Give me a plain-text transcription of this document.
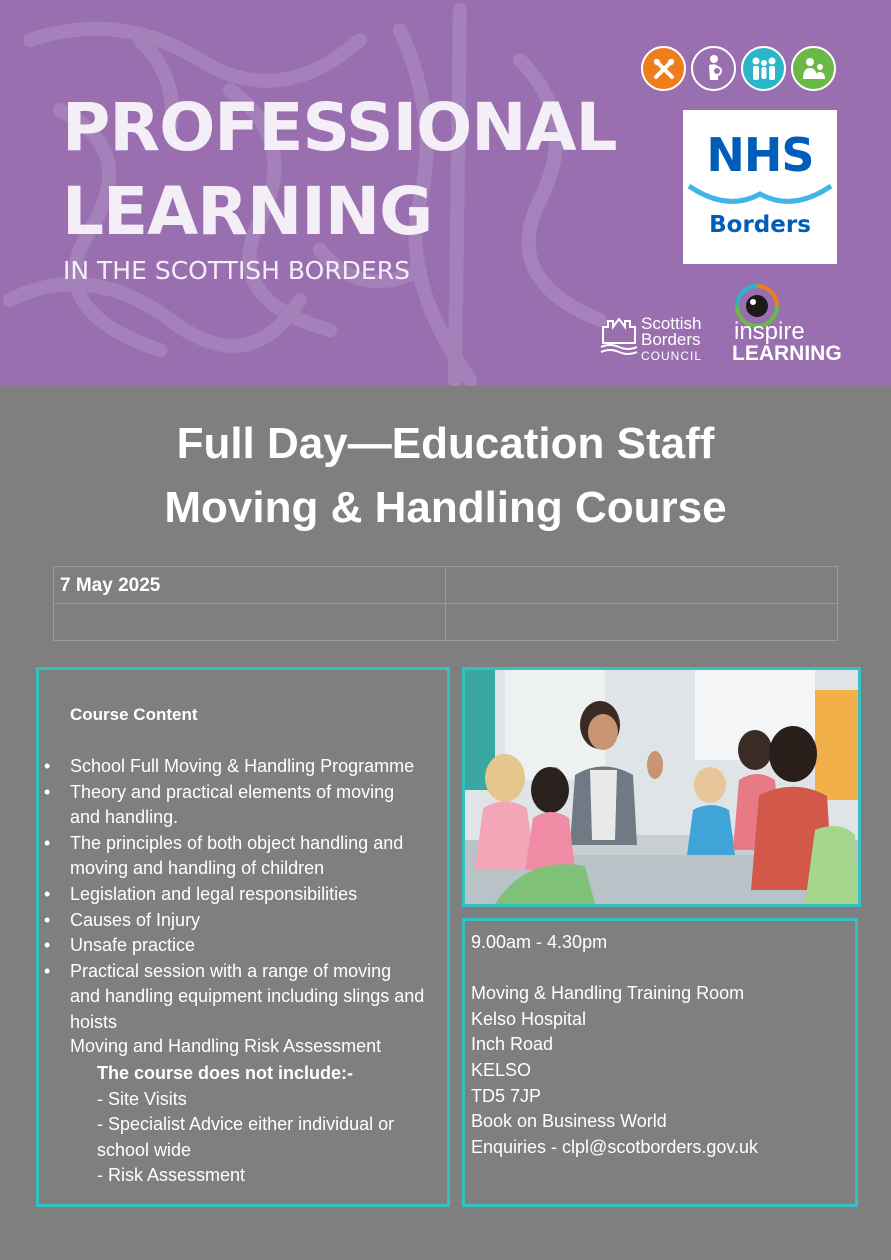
PROFESSIONAL
LEARNING
IN THE SCOTTISH BORDERS
NHS
Borders
Scottish
Borders
COUNCIL
inspire
LEARNING
Full Day—Education Staff
Moving & Handling Course
7 May 2025
Course Content
• School Full Moving & Handling Programme
• Theory and practical elements of moving and handling.
• The principles of both object handling and moving and handling of children
• Legislation and legal responsibilities
• Causes of Injury
• Unsafe practice
• Practical session with a range of moving and handling equipment including slings and hoists
Moving and Handling Risk Assessment
The course does not include:-
- Site Visits
- Specialist Advice either individual or school wide
- Risk Assessment
9.00am - 4.30pm
Moving & Handling Training Room
Kelso Hospital
Inch Road
KELSO
TD5 7JP
Book on Business World
Enquiries - clpl@scotborders.gov.uk
